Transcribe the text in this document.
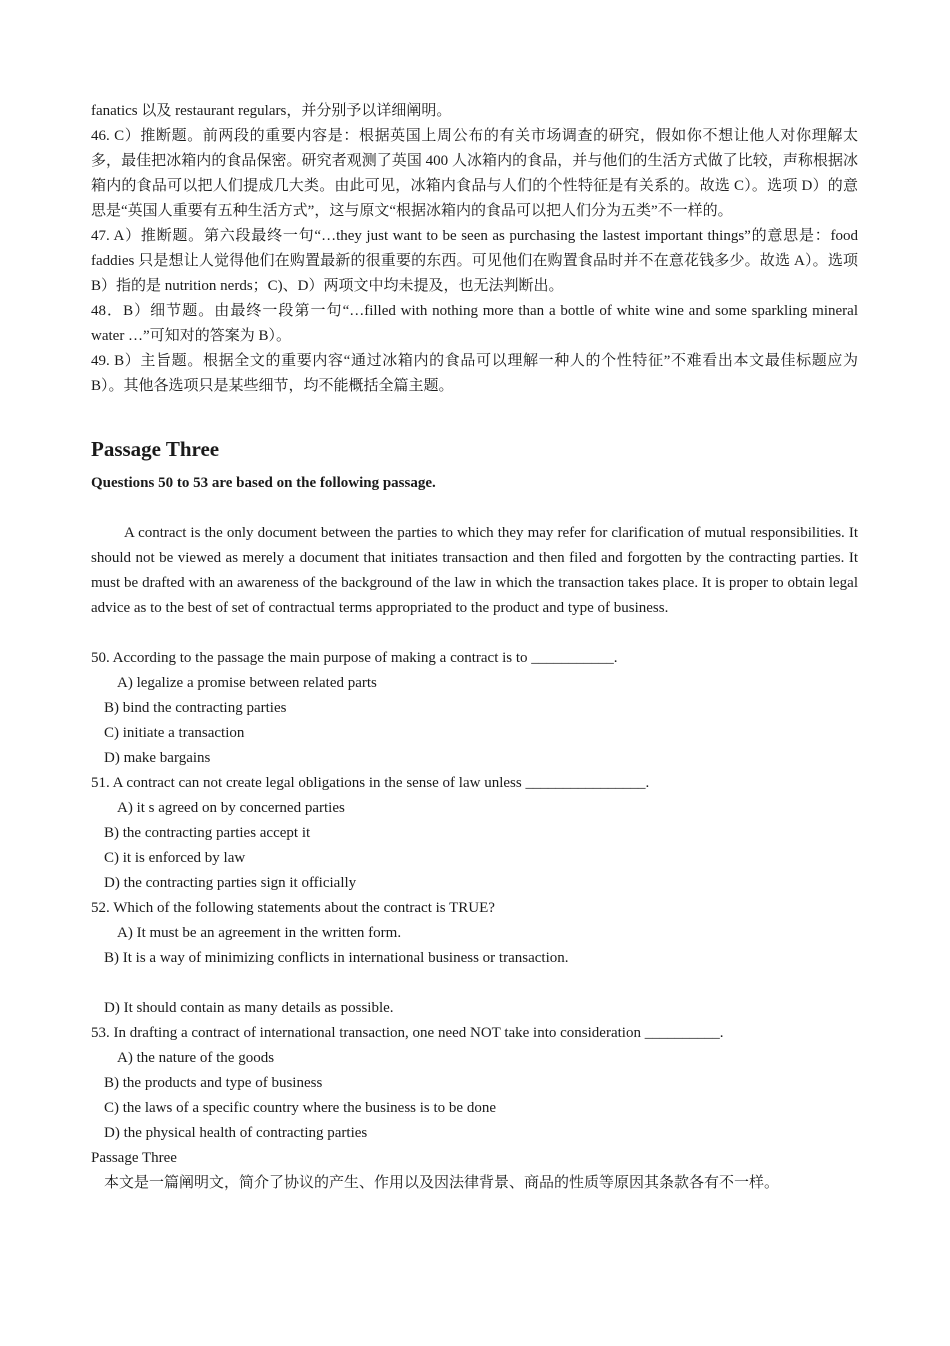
fanatics 以及 restaurant regulars，并分别予以详细阐明。

46. C）推断题。前两段的重要内容是：根据英国上周公布的有关市场调查的研究，假如你不想让他人对你理解太多，最佳把冰箱内的食品保密。研究者观测了英国 400 人冰箱内的食品，并与他们的生活方式做了比较，声称根据冰箱内的食品可以把人们提成几大类。由此可见，冰箱内食品与人们的个性特征是有关系的。故选 C）。选项 D）的意思是“英国人重要有五种生活方式”，这与原文“根据冰箱内的食品可以把人们分为五类”不一样的。

47. A）推断题。第六段最终一句“…they just want to be seen as purchasing the lastest important things”的意思是：food faddies 只是想让人觉得他们在购置最新的很重要的东西。可见他们在购置食品时并不在意花钱多少。故选 A）。选项 B）指的是 nutrition nerds；C)、D）两项文中均未提及，也无法判断出。

48．B）细节题。由最终一段第一句“…filled with nothing more than a bottle of white wine and some sparkling mineral water …”可知对的答案为 B）。

49. B）主旨题。根据全文的重要内容“通过冰箱内的食品可以理解一种人的个性特征”不难看出本文最佳标题应为 B）。其他各选项只是某些细节，均不能概括全篇主题。

Passage Three

Questions 50 to 53 are based on the following passage.

A contract is the only document between the parties to which they may refer for clarification of mutual responsibilities. It should not be viewed as merely a document that initiates transaction and then filed and forgotten by the contracting parties. It must be drafted with an awareness of the background of the law in which the transaction takes place. It is proper to obtain legal advice as to the best of set of contractual terms appropriated to the product and type of business.

50. According to the passage the main purpose of making a contract is to ___________.

A) legalize a promise between related parts

B) bind the contracting parties

C) initiate a transaction

D) make bargains

51. A contract can not create legal obligations in the sense of law unless ________________.

A) it s agreed on by concerned parties

B) the contracting parties accept it

C) it is enforced by law

D) the contracting parties sign it officially

52. Which of the following statements about the contract is TRUE?

A) It must be an agreement in the written form.

B) It is a way of minimizing conflicts in international business or transaction.

D) It should contain as many details as possible.

53. In drafting a contract of international transaction, one need NOT take into consideration __________.

A) the nature of the goods

B) the products and type of business

C) the laws of a specific country where the business is to be done

D) the physical health of contracting parties

Passage Three

本文是一篇阐明文，简介了协议的产生、作用以及因法律背景、商品的性质等原因其条款各有不一样。
